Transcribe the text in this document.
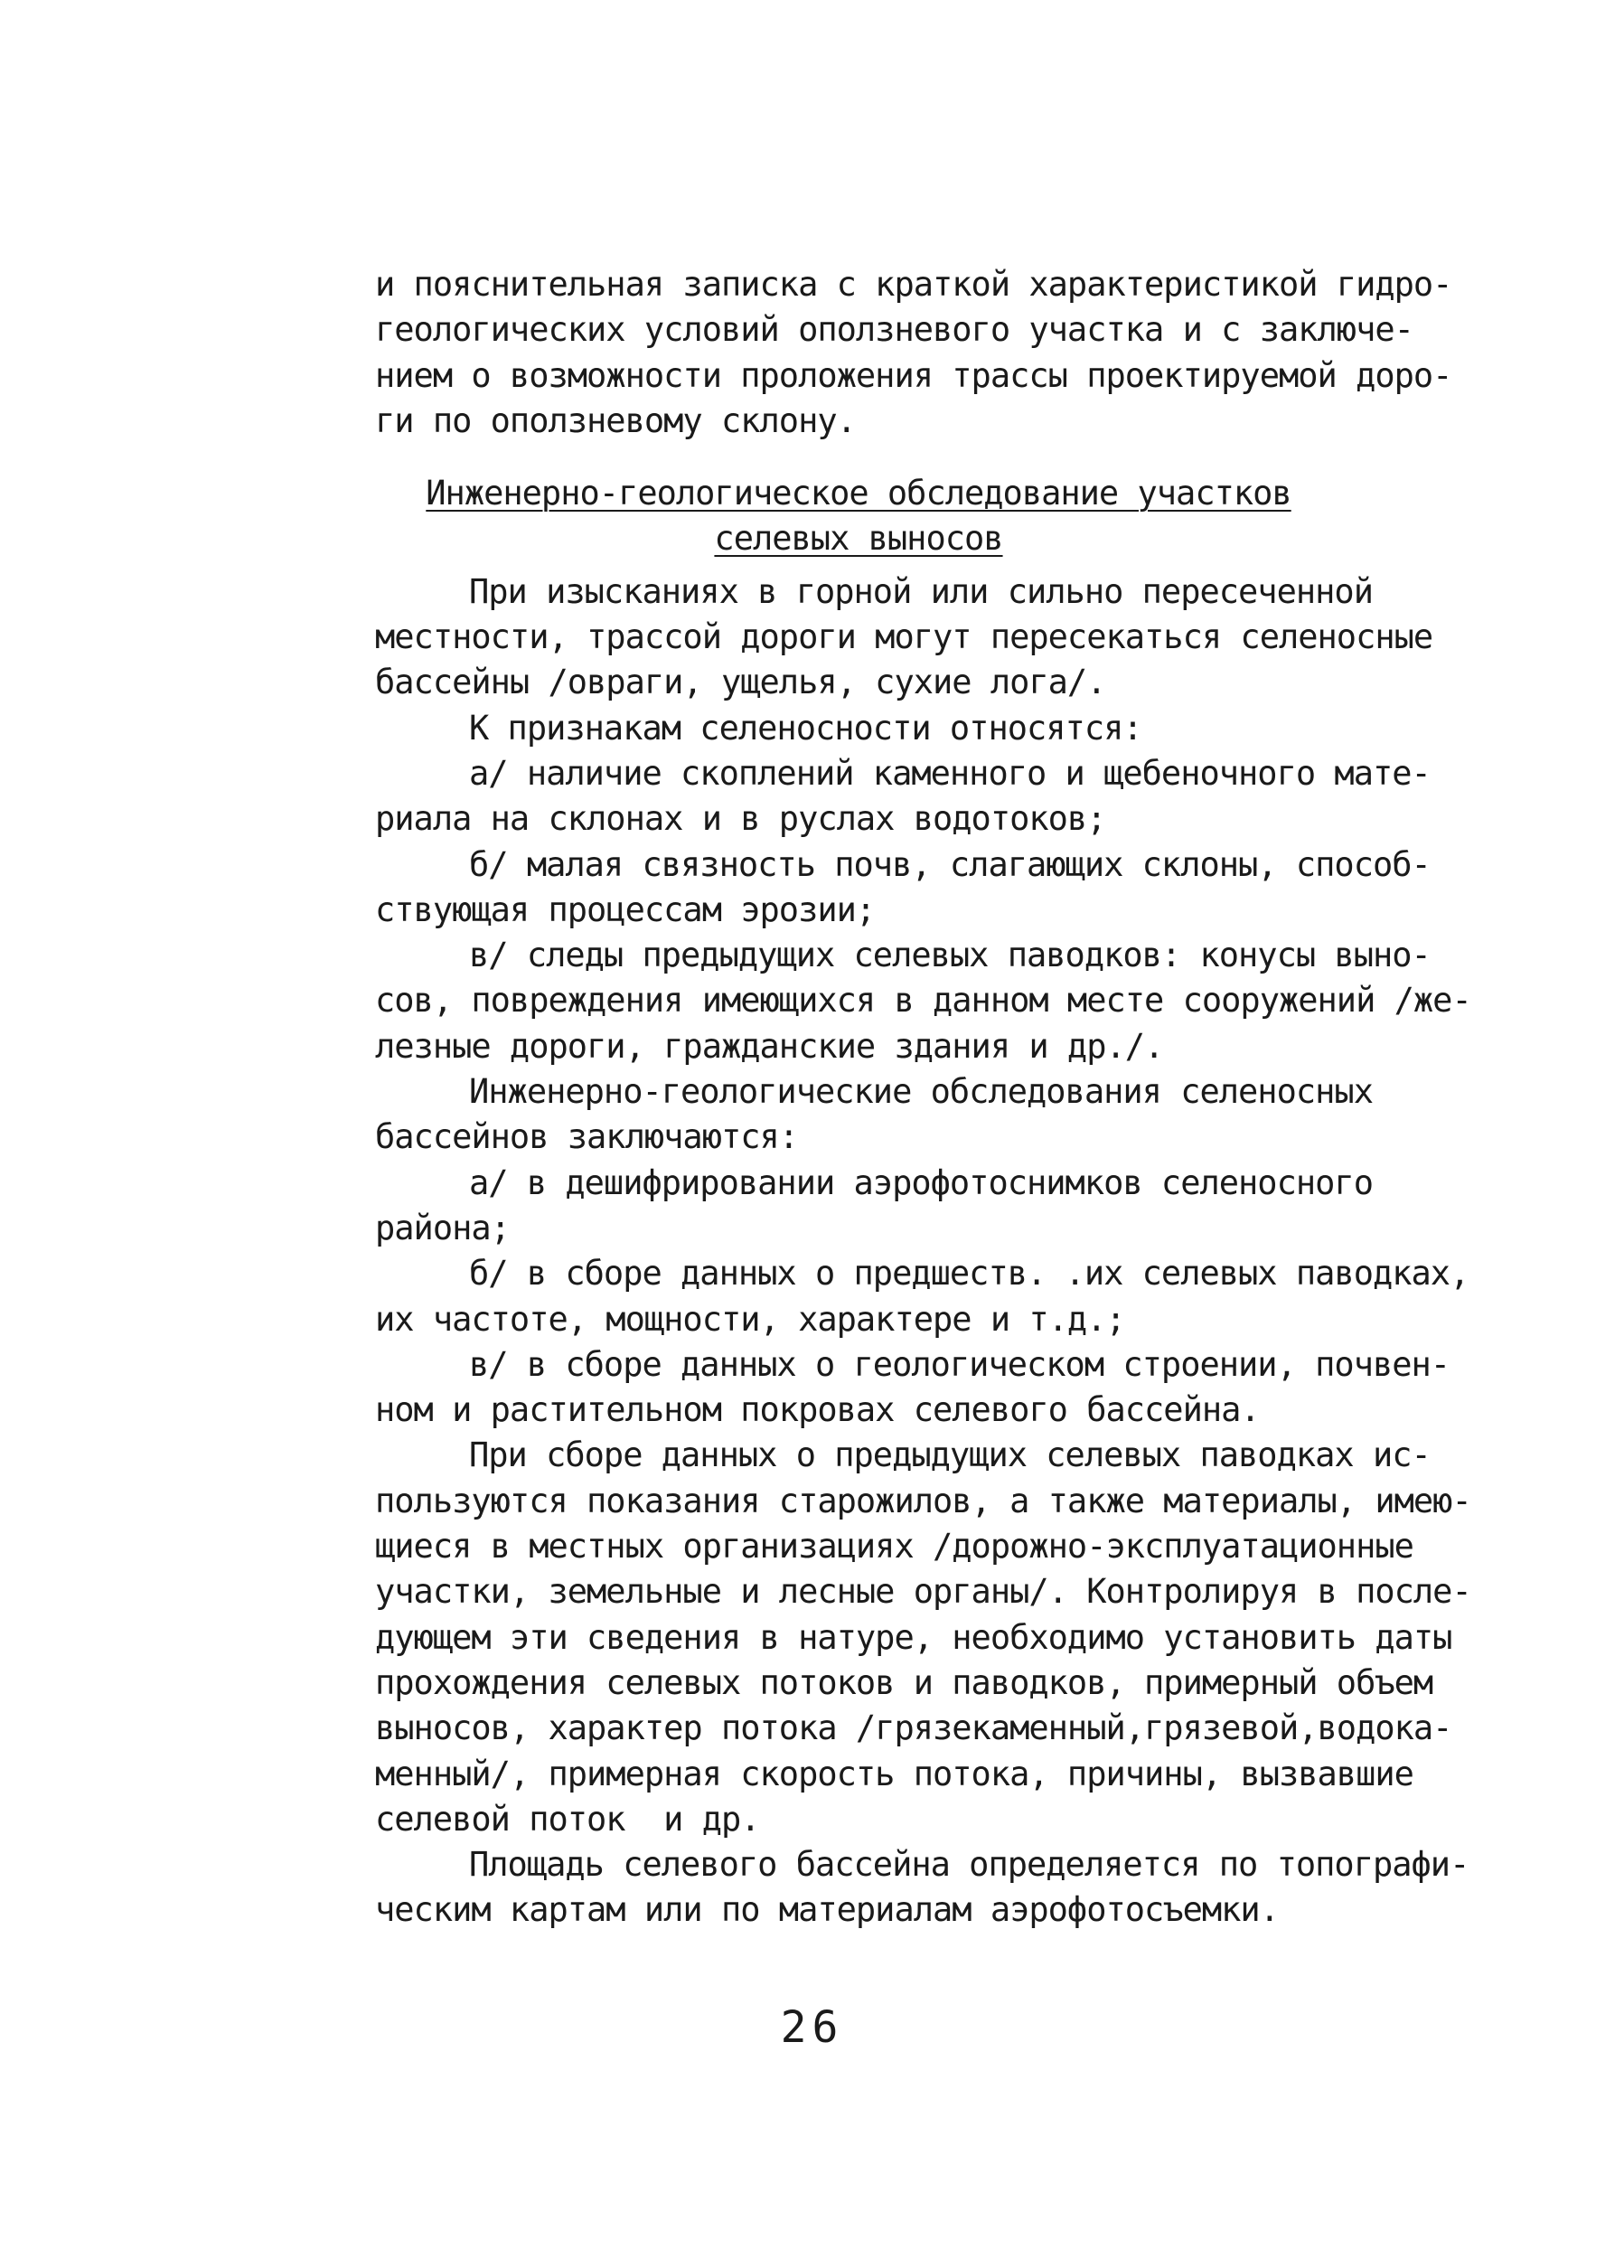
и пояснительная записка с краткой характеристикой гидро-
геологических условий оползневого участка и с заключе-
нием о возможности проложения трассы проектируемой доро-
ги по оползневому склону.
Инженерно-геологическое обследование участков
селевых выносов
При изысканиях в горной или сильно пересеченной
местности, трассой дороги могут пересекаться селеносные
бассейны /овраги, ущелья, сухие лога/.
К признакам селеносности относятся:
а/ наличие скоплений каменного и щебеночного мате-
риала на склонах и в руслах водотоков;
б/ малая связность почв, слагающих склоны, способ-
ствующая процессам эрозии;
в/ следы предыдущих селевых паводков: конусы выно-
сов, повреждения имеющихся в данном месте сооружений /же-
лезные дороги, гражданские здания и др./.
Инженерно-геологические обследования селеносных
бассейнов заключаются:
а/ в дешифрировании аэрофотоснимков селеносного
района;
б/ в сборе данных о предшеств. .их селевых паводках,
их частоте, мощности, характере и т.д.;
в/ в сборе данных о геологическом строении, почвен-
ном и растительном покровах селевого бассейна.
При сборе данных о предыдущих селевых паводках ис-
пользуются показания старожилов, а также материалы, имею-
щиеся в местных организациях /дорожно-эксплуатационные
участки, земельные и лесные органы/. Контролируя в после-
дующем эти сведения в натуре, необходимо установить даты
прохождения селевых потоков и паводков, примерный объем
выносов, характер потока /грязекаменный,грязевой,водока-
менный/, примерная скорость потока, причины, вызвавшие
селевой поток  и др.
Площадь селевого бассейна определяется по топографи-
ческим картам или по материалам аэрофотосъемки.
26
